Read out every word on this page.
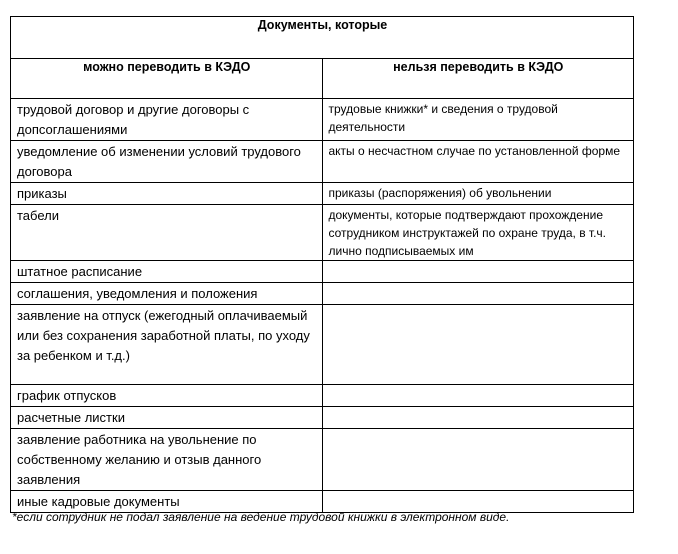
Документы, которые	
можно переводить в КЭДО	нельзя переводить в КЭДО
трудовой договор и другие договоры с допсоглашениями	трудовые книжки* и сведения о трудовой деятельности
уведомление об изменении условий трудового договора	акты о несчастном случае по установленной форме
приказы	приказы (распоряжения) об увольнении
табели	документы, которые подтверждают прохождение сотрудником инструктажей по охране труда, в т.ч. лично подписываемых им
штатное расписание	
соглашения, уведомления и положения	
заявление на отпуск (ежегодный оплачиваемый или без сохранения заработной платы, по уходу за ребенком и т.д.)	
график отпусков	
расчетные листки	
заявление работника на увольнение по собственному желанию и отзыв данного заявления	
иные кадровые документы	
*если сотрудник не подал заявление на ведение трудовой книжки в электронном виде.
